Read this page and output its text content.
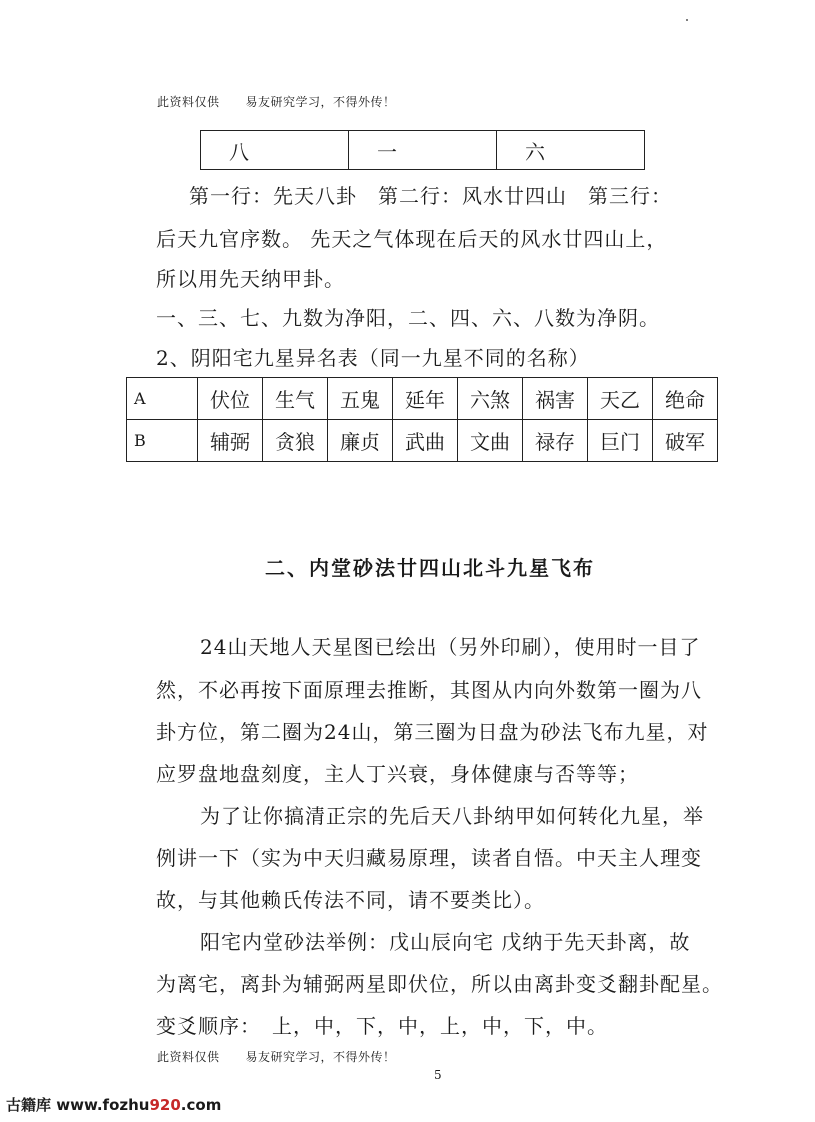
此资料仅供 易友研究学习，不得外传！
八	一	六
第一行：先天八卦　第二行：风水廿四山　第三行：
后天九官序数。 先天之气体现在后天的风水廿四山上，
所以用先天纳甲卦。
一、三、七、九数为净阳，二、四、六、八数为净阴。
2、阴阳宅九星异名表（同一九星不同的名称）
A	伏位	生气	五鬼	延年	六煞	祸害	天乙	绝命
B	辅弼	贪狼	廉贞	武曲	文曲	禄存	巨门	破军
二、内堂砂法廿四山北斗九星飞布
24山天地人天星图已绘出（另外印刷），使用时一目了
然，不必再按下面原理去推断，其图从内向外数第一圈为八
卦方位，第二圈为24山，第三圈为日盘为砂法飞布九星，对
应罗盘地盘刻度，主人丁兴衰，身体健康与否等等；
为了让你搞清正宗的先后天八卦纳甲如何转化九星，举
例讲一下（实为中天归藏易原理，读者自悟。中天主人理变
故，与其他赖氏传法不同，请不要类比）。
阳宅内堂砂法举例：戊山辰向宅 戊纳于先天卦离，故
为离宅，离卦为辅弼两星即伏位，所以由离卦变爻翻卦配星。
变爻顺序：　上，中，下，中，上，中，下，中。
此资料仅供 易友研究学习，不得外传！
5
古籍库 www.fozhu920.com
